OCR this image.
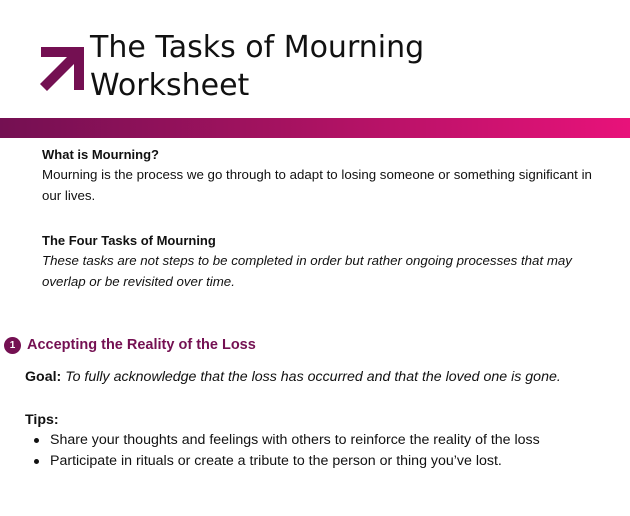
The Tasks of Mourning
Worksheet
What is Mourning?

Mourning is the process we go through to adapt to losing someone or something significant in our lives.

The Four Tasks of Mourning

These tasks are not steps to be completed in order but rather ongoing processes that may overlap or be revisited over time.

1 Accepting the Reality of the Loss

Goal: To fully acknowledge that the loss has occurred and that the loved one is gone.

Tips:

Share your thoughts and feelings with others to reinforce the reality of the loss
Participate in rituals or create a tribute to the person or thing you’ve lost.
